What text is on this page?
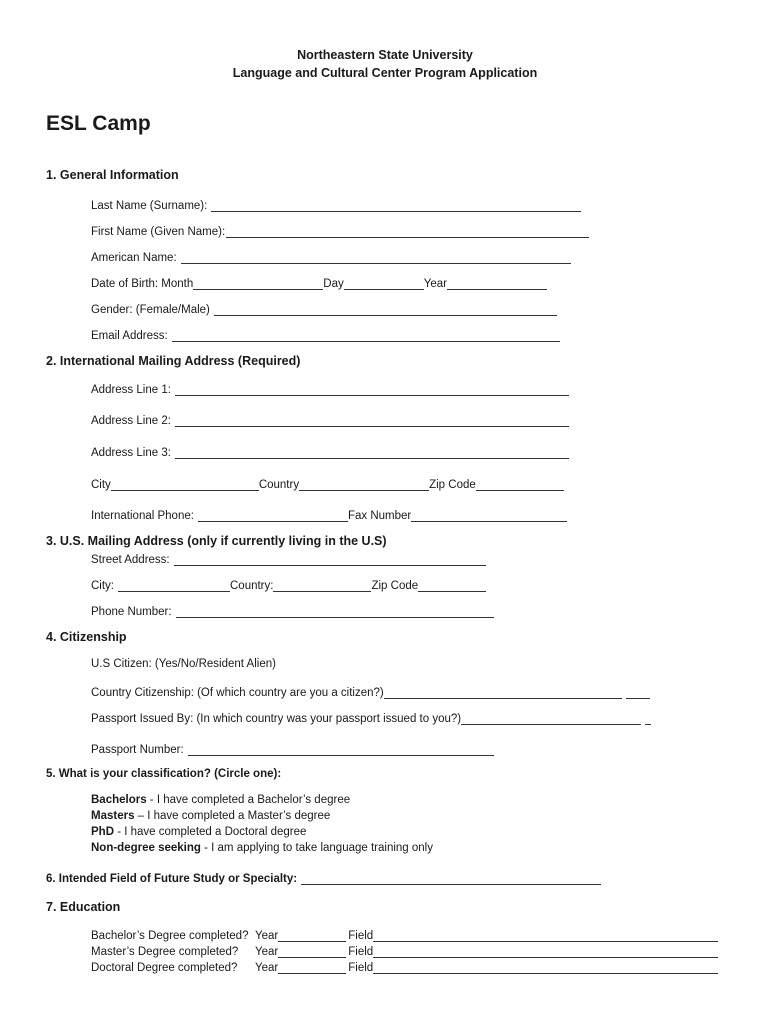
Northeastern State University
Language and Cultural Center Program Application
ESL Camp
1. General Information
Last Name (Surname):
First Name (Given Name):
American Name:
Date of Birth: Month	Day	Year
Gender: (Female/Male)
Email Address:
2. International Mailing Address (Required)
Address Line 1:
Address Line 2:
Address Line 3:
City	Country	Zip Code
International Phone:	Fax Number
3. U.S. Mailing Address (only if currently living in the U.S)
Street Address:
City:	Country:	Zip Code
Phone Number:
4. Citizenship
U.S Citizen: (Yes/No/Resident Alien)
Country Citizenship: (Of which country are you a citizen?)
Passport Issued By: (In which country was your passport issued to you?)
Passport Number:
5. What is your classification? (Circle one):
Bachelors - I have completed a Bachelor’s degree
Masters – I have completed a Master’s degree
PhD - I have completed a Doctoral degree
Non-degree seeking - I am applying to take language training only
6. Intended Field of Future Study or Specialty:
7. Education
Bachelor’s Degree completed? Year	Field
Master’s Degree completed?	Year	Field
Doctoral Degree completed?	Year	Field
